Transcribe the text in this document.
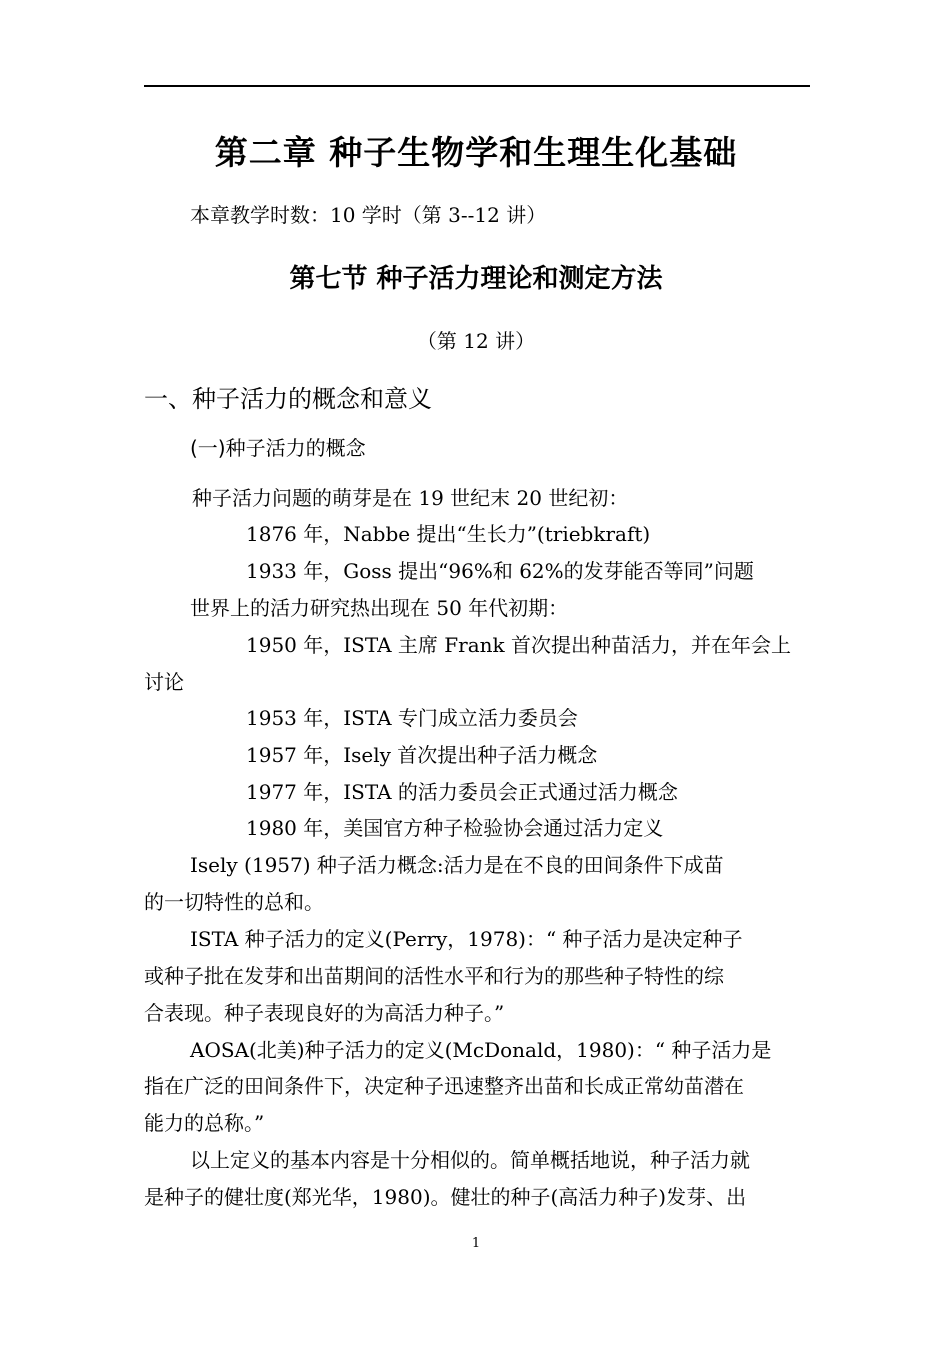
第二章 种子生物学和生理生化基础
本章教学时数：10 学时（第 3--12 讲）
第七节 种子活力理论和测定方法
（第 12 讲）
一、种子活力的概念和意义
(一)种子活力的概念
种子活力问题的萌芽是在 19 世纪末 20 世纪初：
1876 年，Nabbe 提出“生长力”(triebkraft)
1933 年，Goss 提出“96%和 62%的发芽能否等同”问题
世界上的活力研究热出现在 50 年代初期：
1950 年，ISTA 主席 Frank 首次提出种苗活力，并在年会上
讨论
1953 年，ISTA 专门成立活力委员会
1957 年，Isely 首次提出种子活力概念
1977 年，ISTA 的活力委员会正式通过活力概念
1980 年，美国官方种子检验协会通过活力定义
Isely (1957) 种子活力概念:活力是在不良的田间条件下成苗
的一切特性的总和。
ISTA 种子活力的定义(Perry，1978)：“ 种子活力是决定种子
或种子批在发芽和出苗期间的活性水平和行为的那些种子特性的综
合表现。种子表现良好的为高活力种子。”
AOSA(北美)种子活力的定义(McDonald，1980)：“ 种子活力是
指在广泛的田间条件下，决定种子迅速整齐出苗和长成正常幼苗潜在
能力的总称。”
以上定义的基本内容是十分相似的。简单概括地说，种子活力就
是种子的健壮度(郑光华，1980)。健壮的种子(高活力种子)发芽、出
1
